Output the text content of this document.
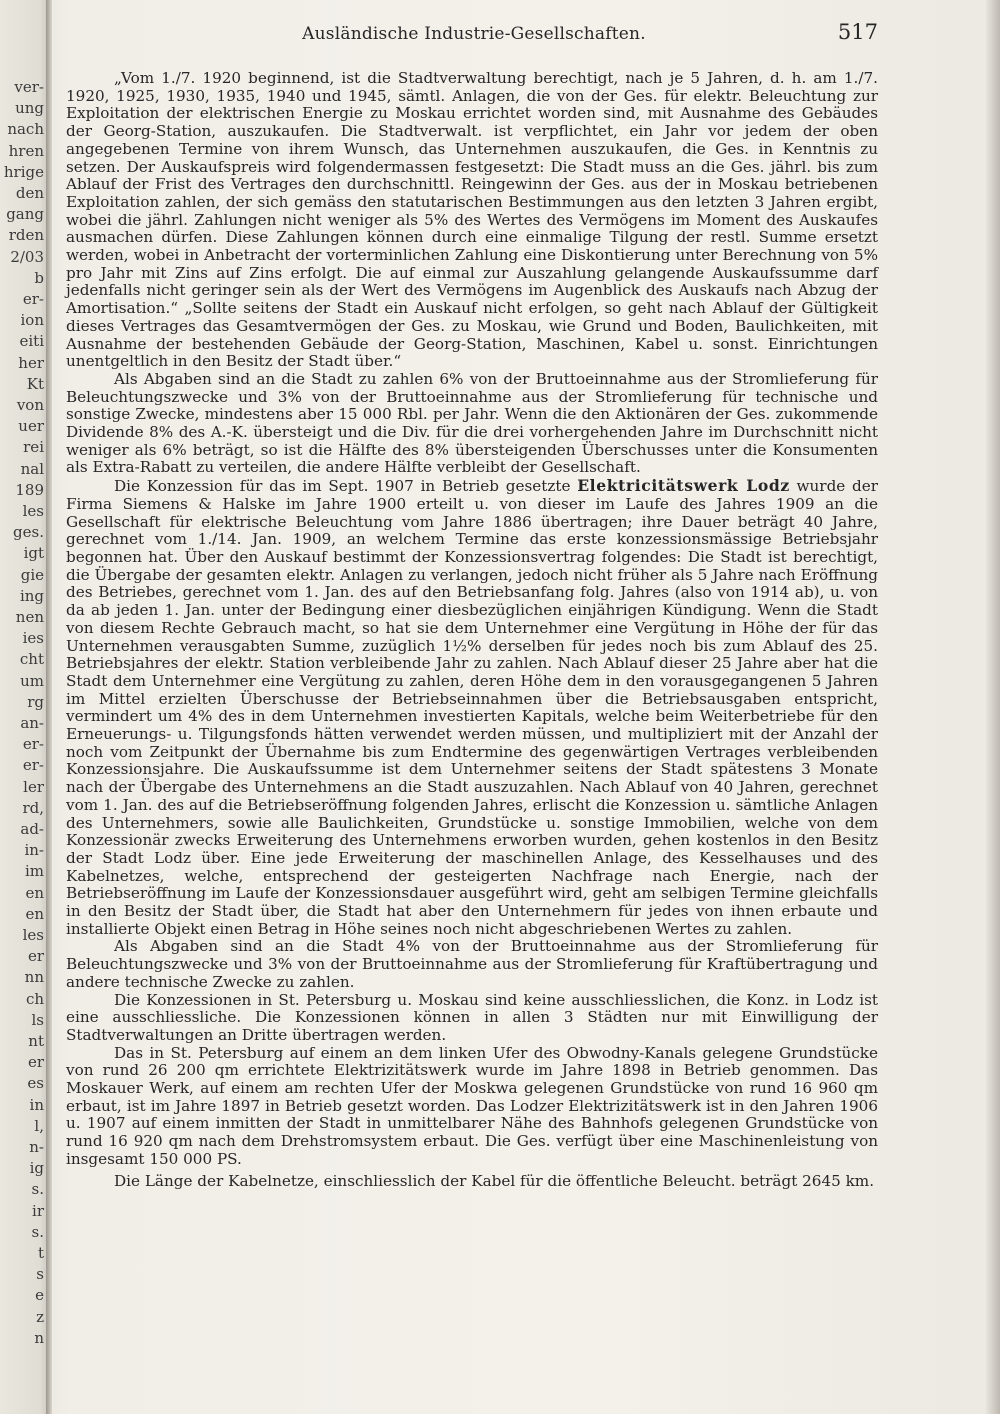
ver-
ung
nach
hren
hrige
den
gang
rden
2/03
b
er-
ion
eiti
her
Kt
von
uer
rei
nal
189
les
ges.
igt
gie
ing
nen
ies
cht
um
rg
an-
er-
er-
ler
rd,
ad-
in-
im
en
en
les
er
nn
ch
ls
nt
er
es
in
l,
n-
ig
s.
ir
s.
t
s
e
z
n
Ausländische Industrie-Gesellschaften.	517

„Vom 1./7. 1920 beginnend, ist die Stadtverwaltung berechtigt, nach je 5 Jahren, d. h. am 1./7. 1920, 1925, 1930, 1935, 1940 und 1945, sämtl. Anlagen, die von der Ges. für elektr. Beleuchtung zur Exploitation der elektrischen Energie zu Moskau errichtet worden sind, mit Ausnahme des Gebäudes der Georg-Station, auszukaufen. Die Stadtverwalt. ist verpflichtet, ein Jahr vor jedem der oben angegebenen Termine von ihrem Wunsch, das Unternehmen auszukaufen, die Ges. in Kenntnis zu setzen. Der Auskaufspreis wird folgendermassen festgesetzt: Die Stadt muss an die Ges. jährl. bis zum Ablauf der Frist des Vertrages den durchschnittl. Reingewinn der Ges. aus der in Moskau betriebenen Exploitation zahlen, der sich gemäss den statutarischen Bestimmungen aus den letzten 3 Jahren ergibt, wobei die jährl. Zahlungen nicht weniger als 5% des Wertes des Vermögens im Moment des Auskaufes ausmachen dürfen. Diese Zahlungen können durch eine einmalige Tilgung der restl. Summe ersetzt werden, wobei in Anbetracht der vorterminlichen Zahlung eine Diskontierung unter Berechnung von 5% pro Jahr mit Zins auf Zins erfolgt. Die auf einmal zur Auszahlung gelangende Auskaufssumme darf jedenfalls nicht geringer sein als der Wert des Vermögens im Augenblick des Auskaufs nach Abzug der Amortisation.“ „Sollte seitens der Stadt ein Auskauf nicht erfolgen, so geht nach Ablauf der Gültigkeit dieses Vertrages das Gesamtvermögen der Ges. zu Moskau, wie Grund und Boden, Baulichkeiten, mit Ausnahme der bestehenden Gebäude der Georg-Station, Maschinen, Kabel u. sonst. Einrichtungen unentgeltlich in den Besitz der Stadt über.“

Als Abgaben sind an die Stadt zu zahlen 6% von der Bruttoeinnahme aus der Stromlieferung für Beleuchtungszwecke und 3% von der Bruttoeinnahme aus der Stromlieferung für technische und sonstige Zwecke, mindestens aber 15 000 Rbl. per Jahr. Wenn die den Aktionären der Ges. zukommende Dividende 8% des A.-K. übersteigt und die Div. für die drei vorhergehenden Jahre im Durchschnitt nicht weniger als 6% beträgt, so ist die Hälfte des 8% übersteigenden Überschusses unter die Konsumenten als Extra-Rabatt zu verteilen, die andere Hälfte verbleibt der Gesellschaft.

Die Konzession für das im Sept. 1907 in Betrieb gesetzte Elektricitätswerk Lodz wurde der Firma Siemens & Halske im Jahre 1900 erteilt u. von dieser im Laufe des Jahres 1909 an die Gesellschaft für elektrische Beleuchtung vom Jahre 1886 übertragen; ihre Dauer beträgt 40 Jahre, gerechnet vom 1./14. Jan. 1909, an welchem Termine das erste konzessionsmässige Betriebsjahr begonnen hat. Über den Auskauf bestimmt der Konzessionsvertrag folgendes: Die Stadt ist berechtigt, die Übergabe der gesamten elektr. Anlagen zu verlangen, jedoch nicht früher als 5 Jahre nach Eröffnung des Betriebes, gerechnet vom 1. Jan. des auf den Betriebsanfang folg. Jahres (also von 1914 ab), u. von da ab jeden 1. Jan. unter der Bedingung einer diesbezüglichen einjährigen Kündigung. Wenn die Stadt von diesem Rechte Gebrauch macht, so hat sie dem Unternehmer eine Vergütung in Höhe der für das Unternehmen verausgabten Summe, zuzüglich 1½% derselben für jedes noch bis zum Ablauf des 25. Betriebsjahres der elektr. Station verbleibende Jahr zu zahlen. Nach Ablauf dieser 25 Jahre aber hat die Stadt dem Unternehmer eine Vergütung zu zahlen, deren Höhe dem in den vorausgegangenen 5 Jahren im Mittel erzielten Überschusse der Betriebseinnahmen über die Betriebsausgaben entspricht, vermindert um 4% des in dem Unternehmen investierten Kapitals, welche beim Weiterbetriebe für den Erneuerungs- u. Tilgungsfonds hätten verwendet werden müssen, und multipliziert mit der Anzahl der noch vom Zeitpunkt der Übernahme bis zum Endtermine des gegenwärtigen Vertrages verbleibenden Konzessionsjahre. Die Auskaufssumme ist dem Unternehmer seitens der Stadt spätestens 3 Monate nach der Übergabe des Unternehmens an die Stadt auszuzahlen. Nach Ablauf von 40 Jahren, gerechnet vom 1. Jan. des auf die Betriebseröffnung folgenden Jahres, erlischt die Konzession u. sämtliche Anlagen des Unternehmers, sowie alle Baulichkeiten, Grundstücke u. sonstige Immobilien, welche von dem Konzessionär zwecks Erweiterung des Unternehmens erworben wurden, gehen kostenlos in den Besitz der Stadt Lodz über. Eine jede Erweiterung der maschinellen Anlage, des Kesselhauses und des Kabelnetzes, welche, entsprechend der gesteigerten Nachfrage nach Energie, nach der Betriebseröffnung im Laufe der Konzessionsdauer ausgeführt wird, geht am selbigen Termine gleichfalls in den Besitz der Stadt über, die Stadt hat aber den Unternehmern für jedes von ihnen erbaute und installierte Objekt einen Betrag in Höhe seines noch nicht abgeschriebenen Wertes zu zahlen.

Als Abgaben sind an die Stadt 4% von der Bruttoeinnahme aus der Stromlieferung für Beleuchtungszwecke und 3% von der Bruttoeinnahme aus der Stromlieferung für Kraftübertragung und andere technische Zwecke zu zahlen.

Die Konzessionen in St. Petersburg u. Moskau sind keine ausschliesslichen, die Konz. in Lodz ist eine ausschliessliche. Die Konzessionen können in allen 3 Städten nur mit Einwilligung der Stadtverwaltungen an Dritte übertragen werden.

Das in St. Petersburg auf einem an dem linken Ufer des Obwodny-Kanals gelegene Grundstücke von rund 26 200 qm errichtete Elektrizitätswerk wurde im Jahre 1898 in Betrieb genommen. Das Moskauer Werk, auf einem am rechten Ufer der Moskwa gelegenen Grundstücke von rund 16 960 qm erbaut, ist im Jahre 1897 in Betrieb gesetzt worden. Das Lodzer Elektrizitätswerk ist in den Jahren 1906 u. 1907 auf einem inmitten der Stadt in unmittelbarer Nähe des Bahnhofs gelegenen Grundstücke von rund 16 920 qm nach dem Drehstromsystem erbaut. Die Ges. verfügt über eine Maschinenleistung von insgesamt 150 000 PS.

Die Länge der Kabelnetze, einschliesslich der Kabel für die öffentliche Beleucht. beträgt 2645 km.
